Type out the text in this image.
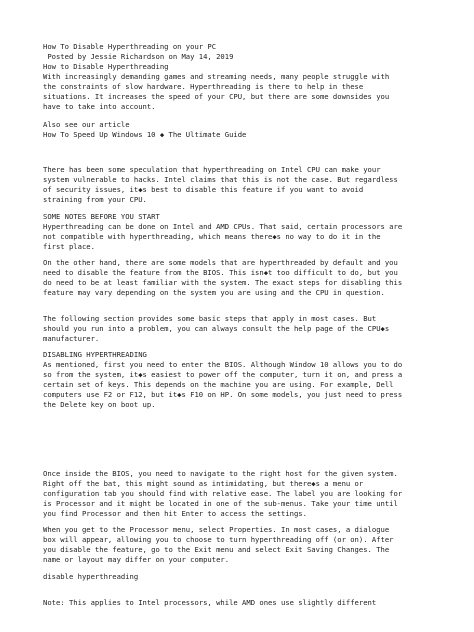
How To Disable Hyperthreading on your PC

Posted by Jessie Richardson on May 14, 2019

How to Disable Hyperthreading

With increasingly demanding games and streaming needs, many people struggle with

the constraints of slow hardware. Hyperthreading is there to help in these

situations. It increases the speed of your CPU, but there are some downsides you

have to take into account.

Also see our article

How To Speed Up Windows 10 ◆ The Ultimate Guide

There has been some speculation that hyperthreading on Intel CPU can make your

system vulnerable to hacks. Intel claims that this is not the case. But regardless

of security issues, it◆s best to disable this feature if you want to avoid

straining from your CPU.

SOME NOTES BEFORE YOU START

Hyperthreading can be done on Intel and AMD CPUs. That said, certain processors are

not compatible with hyperthreading, which means there◆s no way to do it in the

first place.

On the other hand, there are some models that are hyperthreaded by default and you

need to disable the feature from the BIOS. This isn◆t too difficult to do, but you

do need to be at least familiar with the system. The exact steps for disabling this

feature may vary depending on the system you are using and the CPU in question.

The following section provides some basic steps that apply in most cases. But

should you run into a problem, you can always consult the help page of the CPU◆s

manufacturer.

DISABLING HYPERTHREADING

As mentioned, first you need to enter the BIOS. Although Window 10 allows you to do

so from the system, it◆s easiest to power off the computer, turn it on, and press a

certain set of keys. This depends on the machine you are using. For example, Dell

computers use F2 or F12, but it◆s F10 on HP. On some models, you just need to press

the Delete key on boot up.

Once inside the BIOS, you need to navigate to the right host for the given system.

Right off the bat, this might sound as intimidating, but there◆s a menu or

configuration tab you should find with relative ease. The label you are looking for

is Processor and it might be located in one of the sub-menus. Take your time until

you find Processor and then hit Enter to access the settings.

When you get to the Processor menu, select Properties. In most cases, a dialogue

box will appear, allowing you to choose to turn hyperthreading off (or on). After

you disable the feature, go to the Exit menu and select Exit Saving Changes. The

name or layout may differ on your computer.

disable hyperthreading

Note: This applies to Intel processors, while AMD ones use slightly different
